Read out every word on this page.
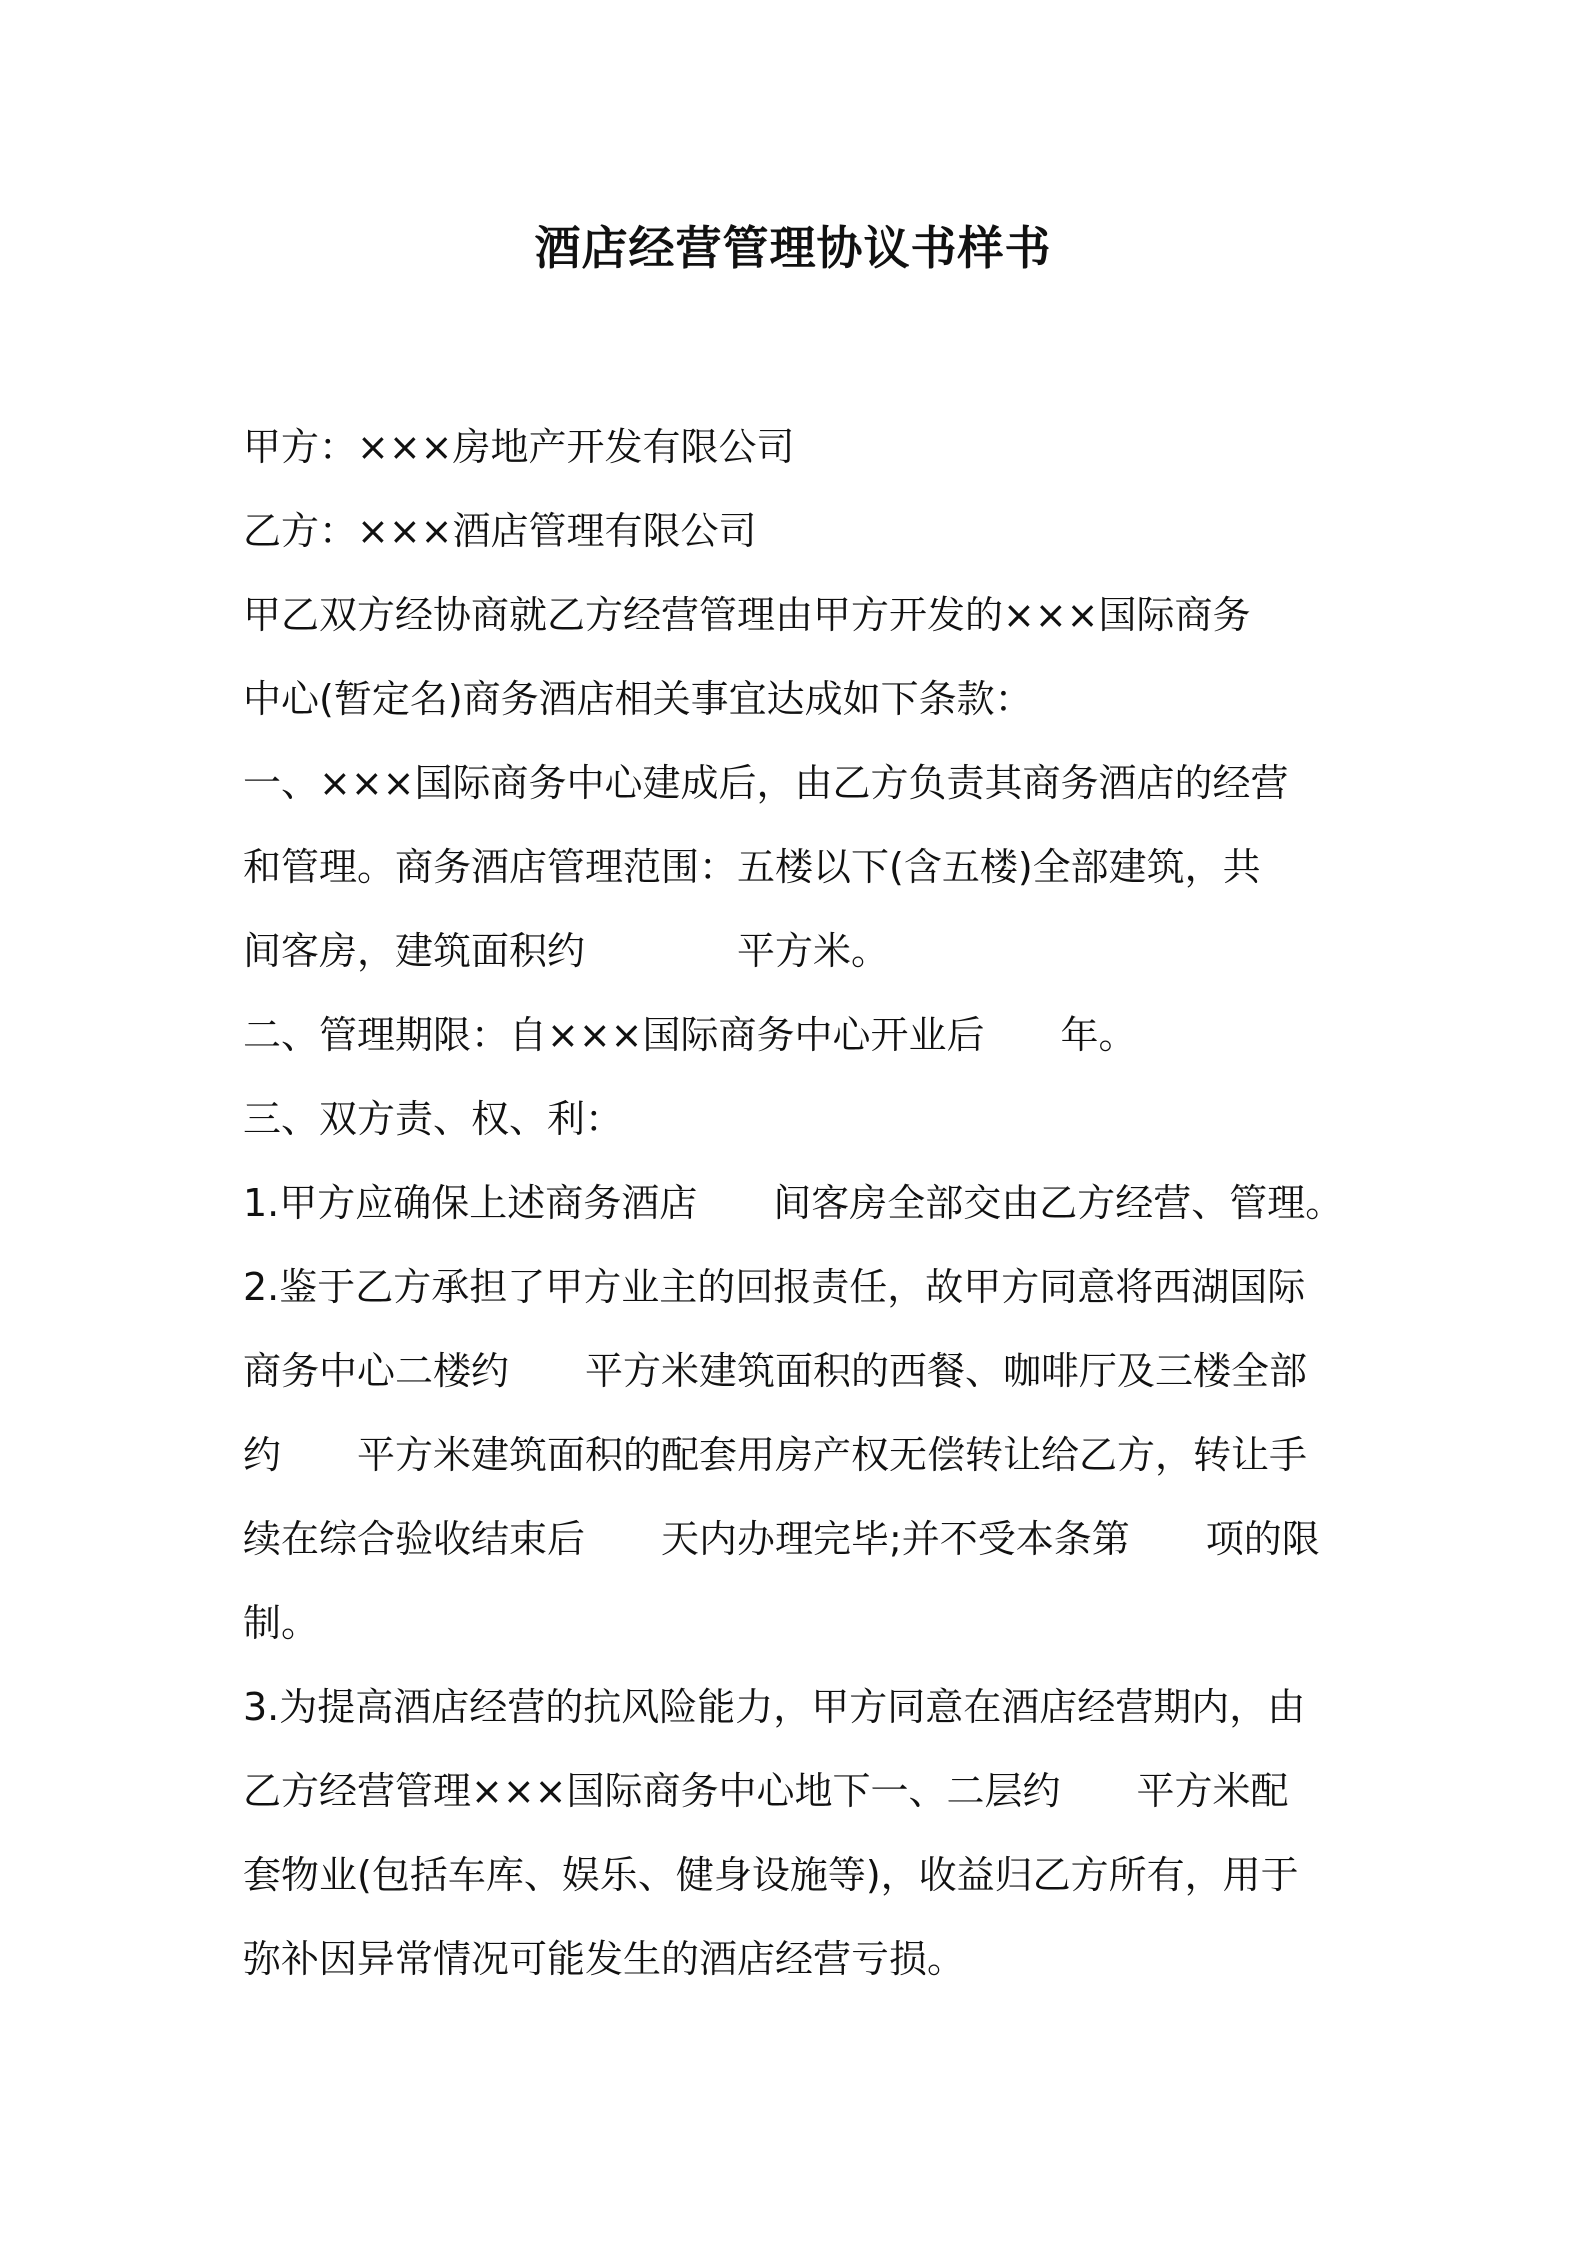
酒店经营管理协议书样书

甲方：×××房地产开发有限公司

乙方：×××酒店管理有限公司

甲乙双方经协商就乙方经营管理由甲方开发的×××国际商务

中心(暂定名)商务酒店相关事宜达成如下条款：

一、×××国际商务中心建成后，由乙方负责其商务酒店的经营

和管理。商务酒店管理范围：五楼以下(含五楼)全部建筑，共

间客房，建筑面积约　　　　平方米。

二、管理期限：自×××国际商务中心开业后　　年。

三、双方责、权、利：

1.甲方应确保上述商务酒店　　间客房全部交由乙方经营、管理。

2.鉴于乙方承担了甲方业主的回报责任，故甲方同意将西湖国际

商务中心二楼约　　平方米建筑面积的西餐、咖啡厅及三楼全部

约　　平方米建筑面积的配套用房产权无偿转让给乙方，转让手

续在综合验收结束后　　天内办理完毕;并不受本条第　　项的限

制。

3.为提高酒店经营的抗风险能力，甲方同意在酒店经营期内，由

乙方经营管理×××国际商务中心地下一、二层约　　平方米配

套物业(包括车库、娱乐、健身设施等)，收益归乙方所有，用于

弥补因异常情况可能发生的酒店经营亏损。
